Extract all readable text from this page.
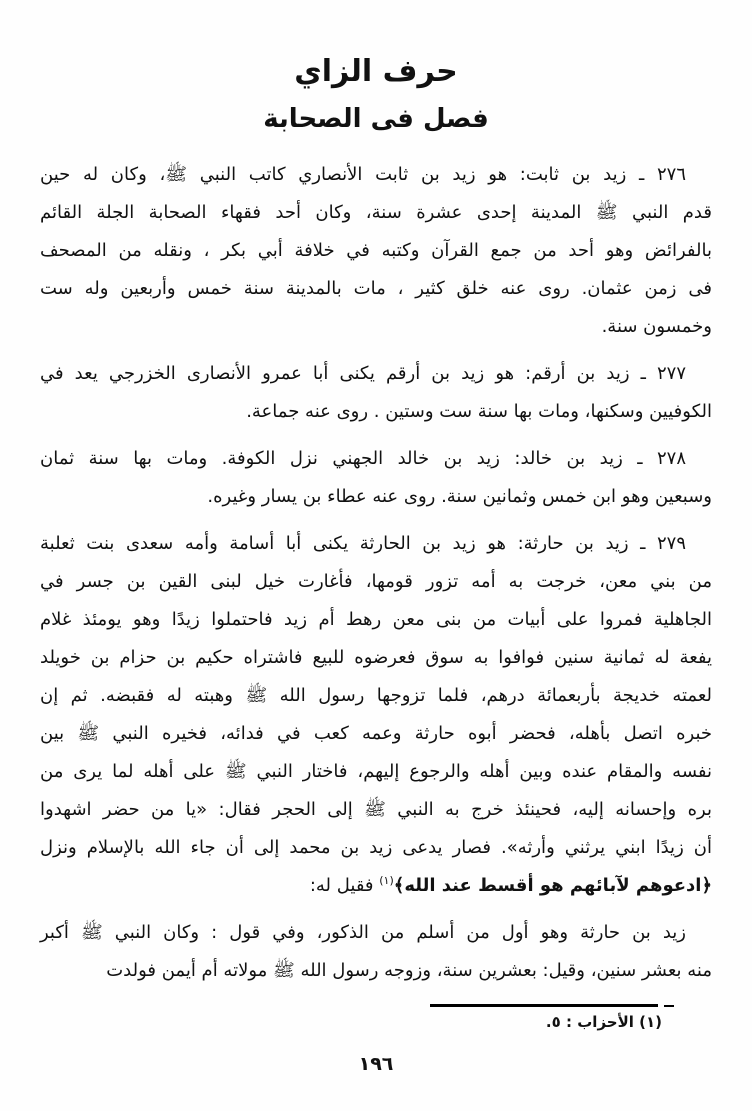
حرف الزاي
فصل فى الصحابة
٢٧٦ ـ زيد بن ثابت: هو زيد بن ثابت الأنصاري كاتب النبي ﷺ، وكان له حين
قدم النبي ﷺ المدينة إحدى عشرة سنة، وكان أحد فقهاء الصحابة الجلة القائم
بالفرائض وهو أحد من جمع القرآن وكتبه في خلافة أبي بكر ، ونقله من المصحف
فى زمن عثمان. روى عنه خلق كثير ، مات بالمدينة سنة خمس وأربعين وله ست
وخمسون سنة.
٢٧٧ ـ زيد بن أرقم: هو زيد بن أرقم يكنى أبا عمرو الأنصارى الخزرجي يعد في
الكوفيين وسكنها، ومات بها سنة ست وستين . روى عنه جماعة.
٢٧٨ ـ زيد بن خالد: زيد بن خالد الجهني نزل الكوفة. ومات بها سنة ثمان
وسبعين وهو ابن خمس وثمانين سنة. روى عنه عطاء بن يسار وغيره.
٢٧٩ ـ زيد بن حارثة: هو زيد بن الحارثة يكنى أبا أسامة وأمه سعدى بنت ثعلبة
من بني معن، خرجت به أمه تزور قومها، فأغارت خيل لبنى القين بن جسر في
الجاهلية فمروا على أبيات من بنى معن رهط أم زيد فاحتملوا زيدًا وهو يومئذ غلام
يفعة له ثمانية سنين فوافوا به سوق فعرضوه للبيع فاشتراه حكيم بن حزام بن خويلد
لعمته خديجة بأربعمائة درهم، فلما تزوجها رسول الله ﷺ وهبته له فقبضه. ثم إن
خبره اتصل بأهله، فحضر أبوه حارثة وعمه كعب في فدائه، فخيره النبي ﷺ بين
نفسه والمقام عنده وبين أهله والرجوع إليهم، فاختار النبي ﷺ على أهله لما يرى من
بره وإحسانه إليه، فحينئذ خرج به النبي ﷺ إلى الحجر فقال: «يا من حضر اشهدوا
أن زيدًا ابني يرثني وأرثه». فصار يدعى زيد بن محمد إلى أن جاء الله بالإسلام ونزل
﴿ادعوهم لآبائهم هو أقسط عند الله﴾$^{(١)}$ فقيل له:
زيد بن حارثة وهو أول من أسلم من الذكور، وفي قول : وكان النبي ﷺ أكبر
منه بعشر سنين، وقيل: بعشرين سنة، وزوجه رسول الله ﷺ مولاته أم أيمن فولدت
(١) الأحزاب : ٥.
١٩٦
